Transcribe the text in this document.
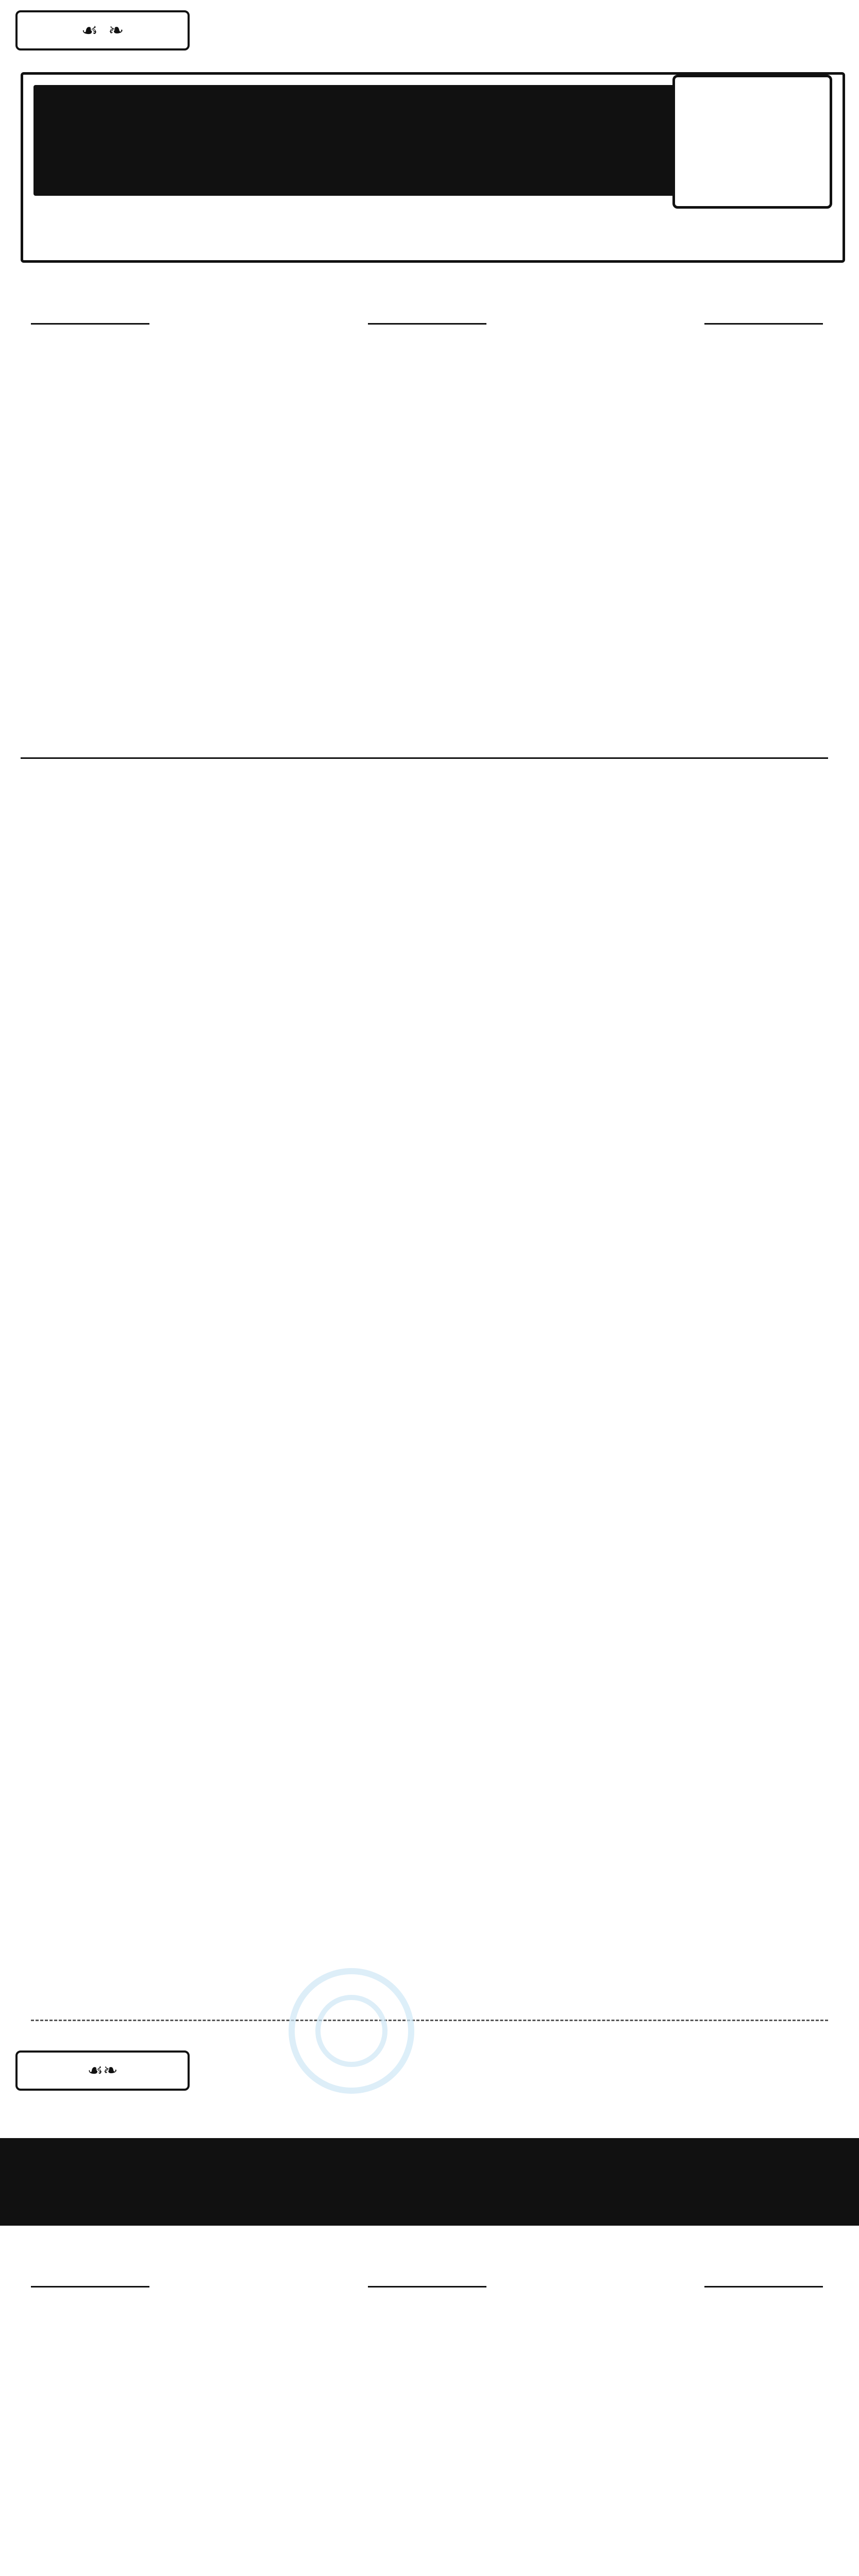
❧
☙
❧
☙
